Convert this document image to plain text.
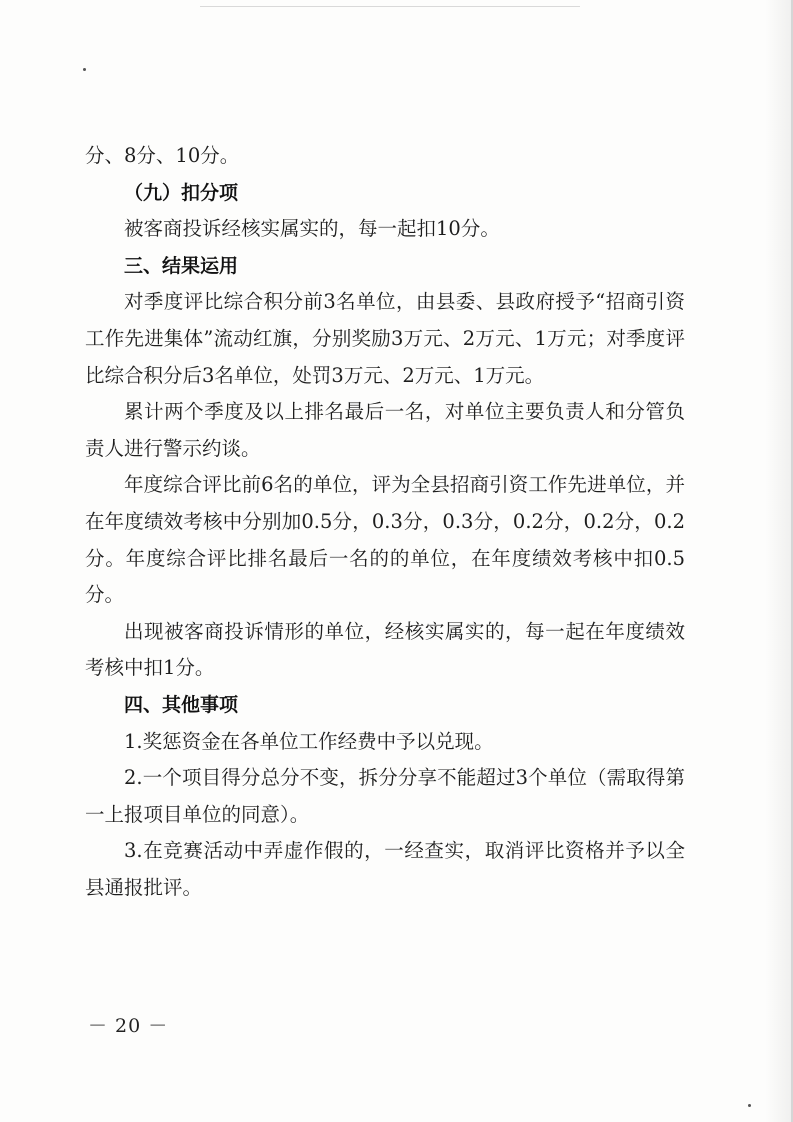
分、8分、10分。

（九）扣分项

被客商投诉经核实属实的，每一起扣10分。

三、结果运用

对季度评比综合积分前3名单位，由县委、县政府授予“招商引资工作先进集体”流动红旗，分别奖励3万元、2万元、1万元；对季度评比综合积分后3名单位，处罚3万元、2万元、1万元。

累计两个季度及以上排名最后一名，对单位主要负责人和分管负责人进行警示约谈。

年度综合评比前6名的单位，评为全县招商引资工作先进单位，并在年度绩效考核中分别加0.5分，0.3分，0.3分，0.2分，0.2分，0.2分。年度综合评比排名最后一名的的单位，在年度绩效考核中扣0.5分。

出现被客商投诉情形的单位，经核实属实的，每一起在年度绩效考核中扣1分。

四、其他事项

1.奖惩资金在各单位工作经费中予以兑现。

2.一个项目得分总分不变，拆分分享不能超过3个单位（需取得第一上报项目单位的同意）。

3.在竞赛活动中弄虚作假的，一经查实，取消评比资格并予以全县通报批评。

－ 20 －
